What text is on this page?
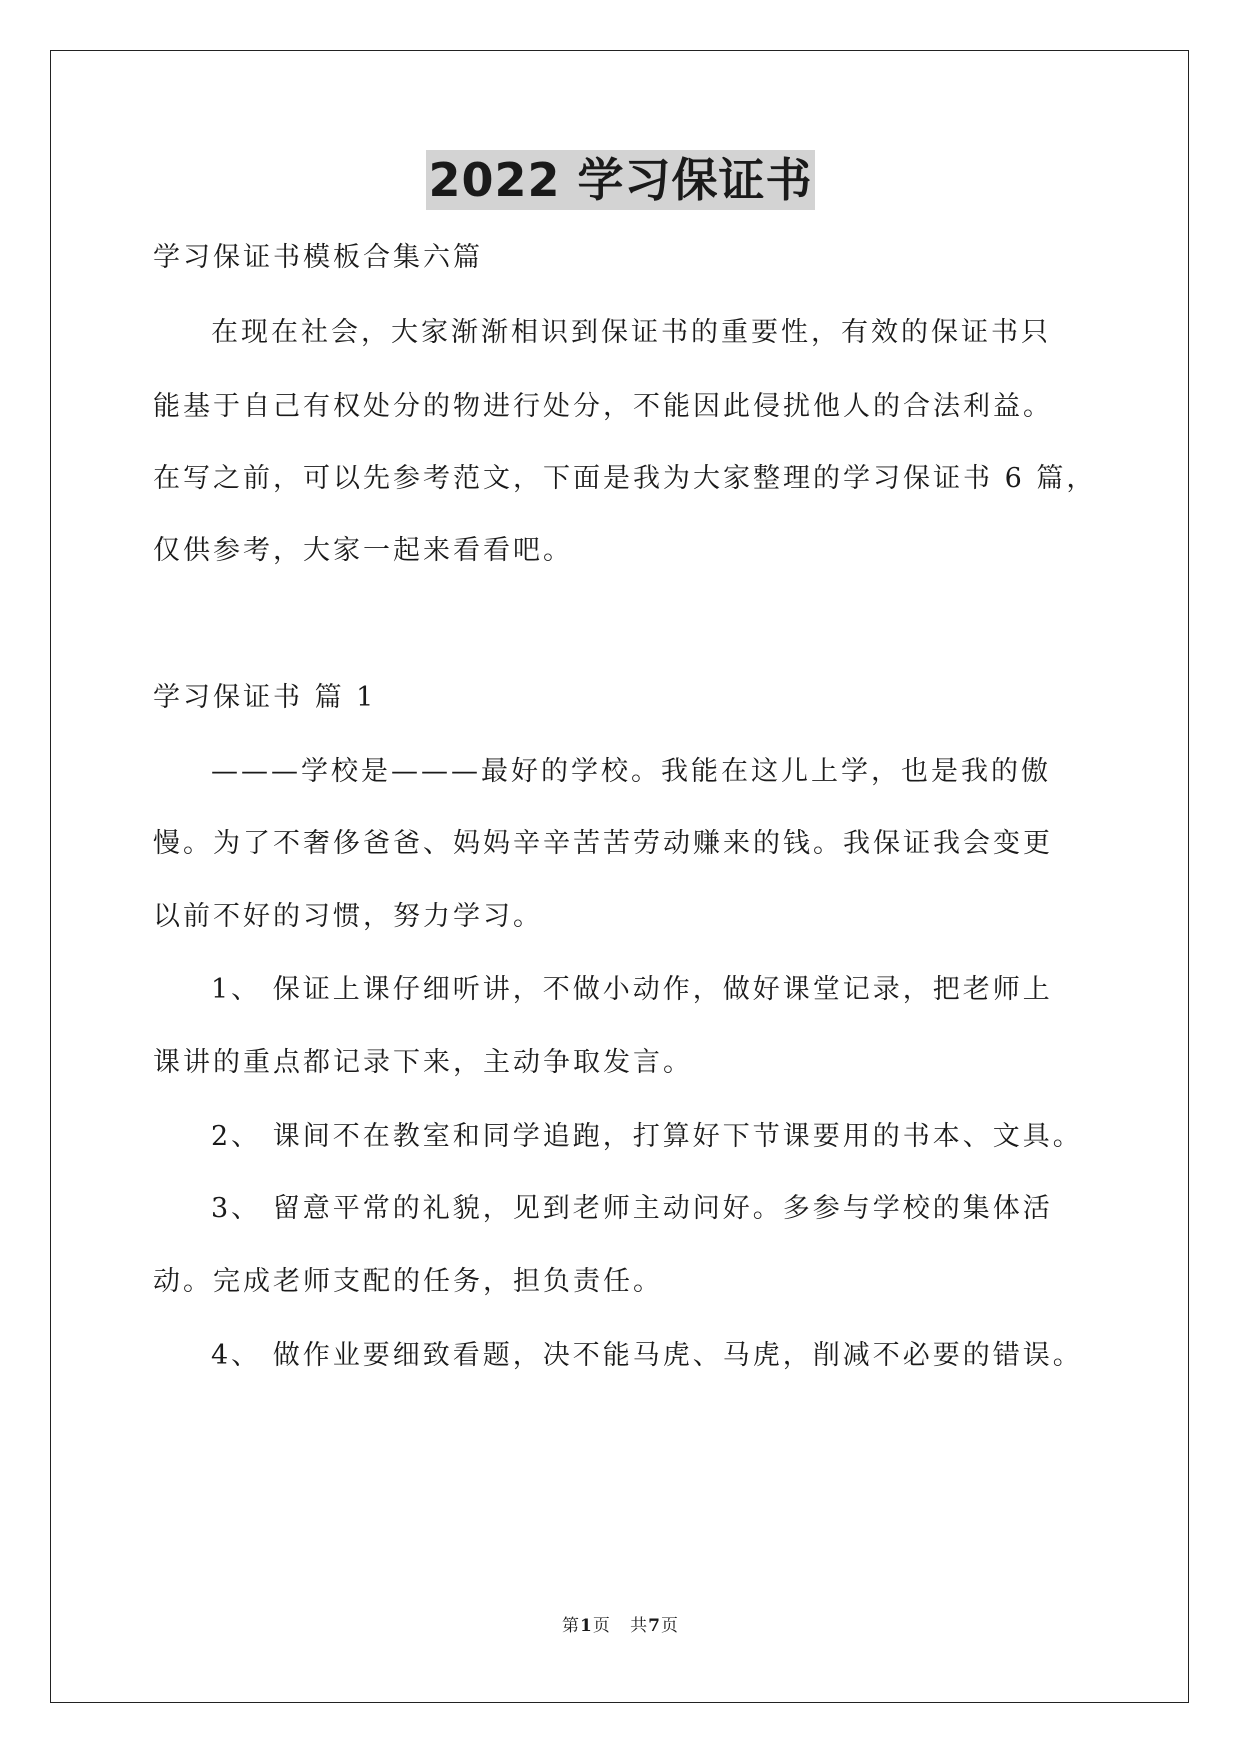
2022 学习保证书
学习保证书模板合集六篇
在现在社会，大家渐渐相识到保证书的重要性，有效的保证书只
能基于自己有权处分的物进行处分，不能因此侵扰他人的合法利益。
在写之前，可以先参考范文，下面是我为大家整理的学习保证书 6 篇，
仅供参考，大家一起来看看吧。
学习保证书 篇 1
———学校是———最好的学校。我能在这儿上学，也是我的傲
慢。为了不奢侈爸爸、妈妈辛辛苦苦劳动赚来的钱。我保证我会变更
以前不好的习惯，努力学习。
1、 保证上课仔细听讲，不做小动作，做好课堂记录，把老师上
课讲的重点都记录下来，主动争取发言。
2、 课间不在教室和同学追跑，打算好下节课要用的书本、文具。
3、 留意平常的礼貌，见到老师主动问好。多参与学校的集体活
动。完成老师支配的任务，担负责任。
4、 做作业要细致看题，决不能马虎、马虎，削减不必要的错误。
第1页 共7页
